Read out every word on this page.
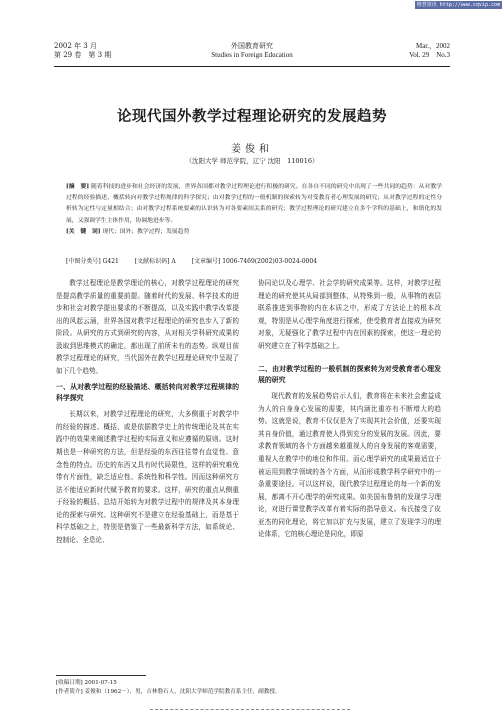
维普资讯 http://www.cqvip.com
2002 年 3 月
第 29 卷　第 3 期
外国教育研究
Studies in Foreign Education
Mar.，2002
Vol. 29　No.3
论现代国外教学过程理论研究的发展趋势
姜俊和
（沈阳大学 师范学院，辽宁 沈阳　110016）
[摘　要] 随着科技的进步和社会经济的发展，世界各国都对教学过程理论进行积极的研究。在各自不同的研究中出现了一些共同的趋势：从对教学过程的经验描述、概括转向对教学过程规律的科学探究；由对教学过程的一般机制的探索转为对受教育者心理发展的研究；从对教学过程的定性分析转为定性与定量相结合；由对教学过程系统要素的认识转为对各要素间关系的研究；教学过程理论的研究建立在多个学科的基础上，和谐化的发展，又强调学生主体作用，协调地进步等。
[关　键　词] 现代；国外；教学过程；发展趋势
[中图分类号] G421	[文献标识码] A	[文章编号] 1006-7469(2002)03-0024-0004

教学过程理论是教学理论的核心，对教学过程理论的研究是提高教学质量的重要前提。随着时代的发展、科学技术的进步和社会对教学提出要求的不断提高，以及实践中教学改革提出的风起云涌，世界各国对教学过程理论的研究也步入了新的阶段。从研究的方式到研究的内容，从对相关学科研究成果的汲取到思维模式的确定，都出现了前所未有的态势。纵观目前教学过程理论的研究，当代国外在教学过程理论研究中呈现了如下几个趋势。

一、从对教学过程的经验描述、概括转向对教学过程规律的科学探究

长期以来，对教学过程理论的研究，大多侧重于对教学中的经验的描述、概括，或是依据教学史上的传统理论及其在实践中的效果来阐述教学过程的实际意义和应遵循的原则。这时期也是一种研究的方法，但是经验的东西往往带有直觉性、意念性的特点。历史的东西又具有时代局限性，这样的研究难免带有片面性，缺乏适应性、系统性和科学性。因而这种研究方法不能适应新时代赋予教育的要求。这样，研究的重点从侧重于经验的概括、总结开始转为对教学过程中的规律及其本身理论的探索与研究。这种研究不是建立在经验基础上，而是基于科学基础之上，特别是借鉴了一些最新科学方法，如系统论、控制论、全息论、

协同论以及心理学、社会学的研究成果等。这样，对教学过程理论的研究使其从局部到整体，从特殊到一般，从事物的表层联系推进到事物的内在本质之中，形成了方法论上的根本改观，特别是从心理学角度进行探索，使受教育者直接成为研究对象，无疑强化了教学过程中内在因素的探索，使这一理论的研究建立在了科学基础之上。

二、由对教学过程的一般机制的探索转为对受教育者心理发展的研究

现代教育的发展趋势启示人们，教育将在未来社会愈益成为人的自身身心发展的需要，其内涵比重亦有不断增大的趋势。这就是说，教育不仅仅是为了实现其社会价值，还要实现其自身价值，通过教育使人得到充分的发展的发展。因此，要求教育领域的各个方面越来越重视人的自身发展的客观需要，重视人在教学中的地位和作用。而心理学研究的成果最适宜于被运用到教学领域的各个方面，从而形成教学科学研究中的一条重要途径。可以这样说，现代教学过程理论的每一个新的发展，都离不开心理学的研究成果。如美国布鲁纳的发现学习理论，对进行课堂教学改革有着实际的指导意义。布氏接受了皮亚杰的同化理论，将它加以扩充与发展，建立了发现学习的理论体系，它的核心理论是同化，即原

[收稿日期] 2001-07-15
[作者简介] 姜俊和（1962－），男，吉林磐石人，沈阳大学师范学院教育系主任，副教授。
